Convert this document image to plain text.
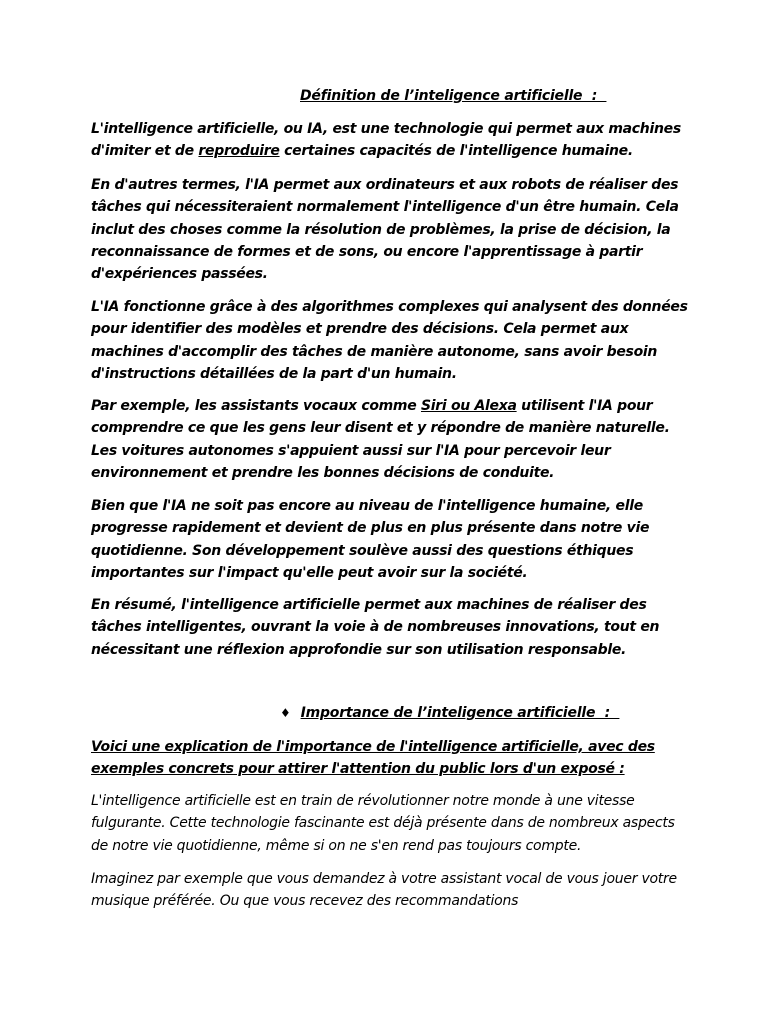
Définition de l’inteligence artificielle  :

L'intelligence artificielle, ou IA, est une technologie qui permet aux machines d'imiter et de reproduire certaines capacités de l'intelligence humaine.

En d'autres termes, l'IA permet aux ordinateurs et aux robots de réaliser des tâches qui nécessiteraient normalement l'intelligence d'un être humain. Cela inclut des choses comme la résolution de problèmes, la prise de décision, la reconnaissance de formes et de sons, ou encore l'apprentissage à partir d'expériences passées.

L'IA fonctionne grâce à des algorithmes complexes qui analysent des données pour identifier des modèles et prendre des décisions. Cela permet aux machines d'accomplir des tâches de manière autonome, sans avoir besoin d'instructions détaillées de la part d'un humain.

Par exemple, les assistants vocaux comme Siri ou Alexa utilisent l'IA pour comprendre ce que les gens leur disent et y répondre de manière naturelle. Les voitures autonomes s'appuient aussi sur l'IA pour percevoir leur environnement et prendre les bonnes décisions de conduite.

Bien que l'IA ne soit pas encore au niveau de l'intelligence humaine, elle progresse rapidement et devient de plus en plus présente dans notre vie quotidienne. Son développement soulève aussi des questions éthiques importantes sur l'impact qu'elle peut avoir sur la société.

En résumé, l'intelligence artificielle permet aux machines de réaliser des tâches intelligentes, ouvrant la voie à de nombreuses innovations, tout en nécessitant une réflexion approfondie sur son utilisation responsable.

♦ Importance de l’inteligence artificielle  :

Voici une explication de l'importance de l'intelligence artificielle, avec des exemples concrets pour attirer l'attention du public lors d'un exposé :

L'intelligence artificielle est en train de révolutionner notre monde à une vitesse fulgurante. Cette technologie fascinante est déjà présente dans de nombreux aspects de notre vie quotidienne, même si on ne s'en rend pas toujours compte.

Imaginez par exemple que vous demandez à votre assistant vocal de vous jouer votre musique préférée. Ou que vous recevez des recommandations
